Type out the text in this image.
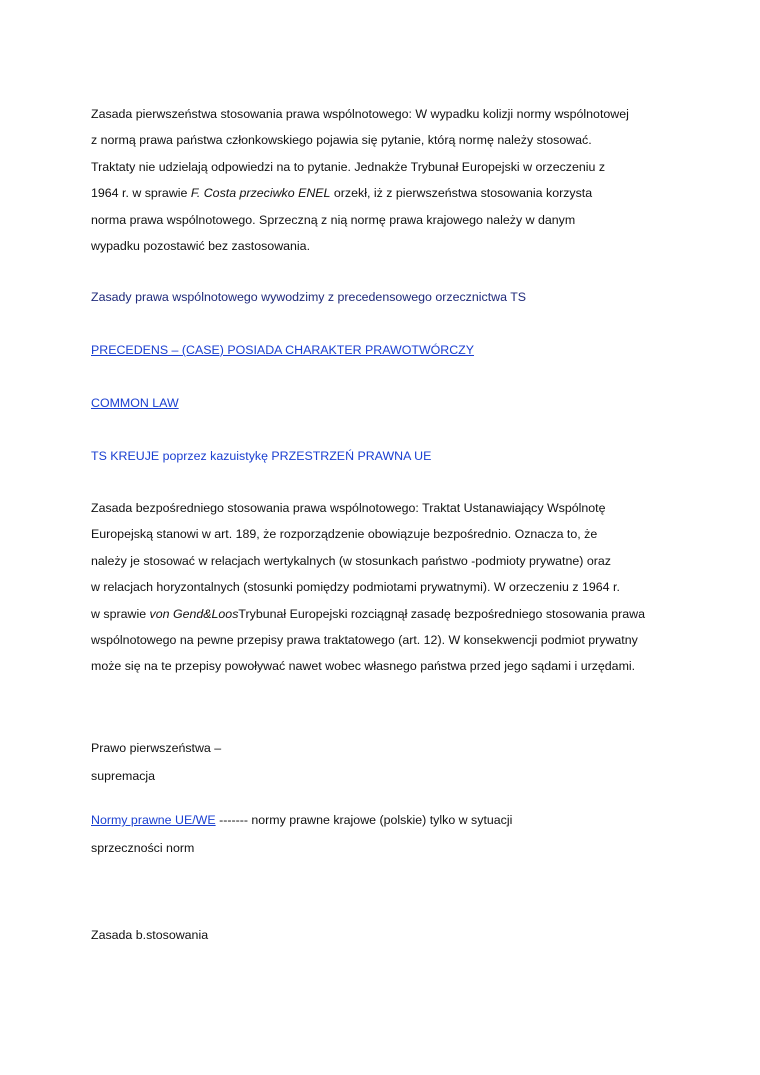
Zasada pierwszeństwa stosowania prawa wspólnotowego: W wypadku kolizji normy wspólnotowej
z normą prawa państwa członkowskiego pojawia się pytanie, którą normę należy stosować.
Traktaty nie udzielają odpowiedzi na to pytanie. Jednakże Trybunał Europejski w orzeczeniu z
1964 r. w sprawie F. Costa przeciwko ENEL orzekł, iż z pierwszeństwa stosowania korzysta
norma prawa wspólnotowego. Sprzeczną z nią normę prawa krajowego należy w danym
wypadku pozostawić bez zastosowania.
Zasady prawa wspólnotowego wywodzimy z precedensowego orzecznictwa TS
PRECEDENS – (CASE) POSIADA CHARAKTER PRAWOTWÓRCZY
COMMON LAW
TS KREUJE poprzez kazuistykę PRZESTRZEŃ PRAWNA UE
Zasada bezpośredniego stosowania prawa wspólnotowego: Traktat Ustanawiający Wspólnotę
Europejską stanowi w art. 189, że rozporządzenie obowiązuje bezpośrednio. Oznacza to, że
należy je stosować w relacjach wertykalnych (w stosunkach państwo -podmioty prywatne) oraz
w relacjach horyzontalnych (stosunki pomiędzy podmiotami prywatnymi). W orzeczeniu z 1964 r.
w sprawie von Gend&LoosTrybunał Europejski rozciągnął zasadę bezpośredniego stosowania prawa
wspólnotowego na pewne przepisy prawa traktatowego (art. 12). W konsekwencji podmiot prywatny
może się na te przepisy powoływać nawet wobec własnego państwa przed jego sądami i urzędami.
Prawo pierwszeństwa –
supremacja
Normy prawne UE/WE ------- normy prawne krajowe (polskie) tylko w sytuacji
sprzeczności norm
Zasada b.stosowania
